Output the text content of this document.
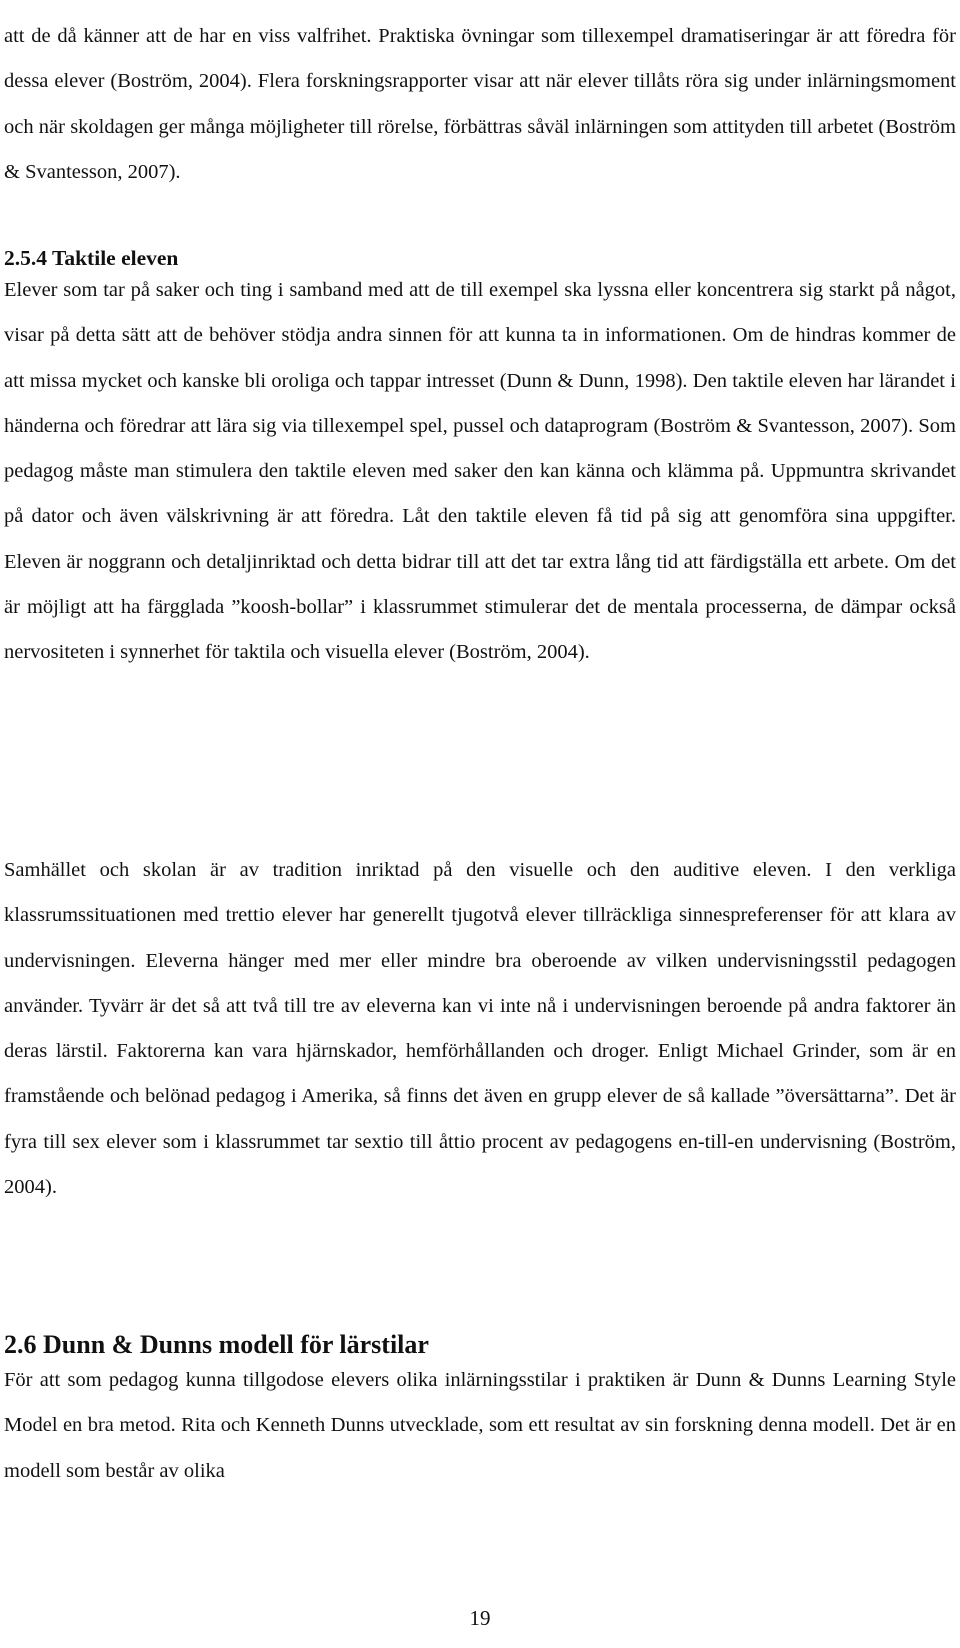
att de då känner att de har en viss valfrihet. Praktiska övningar som tillexempel dramatiseringar är att föredra för dessa elever (Boström, 2004). Flera forskningsrapporter visar att när elever tillåts röra sig under inlärningsmoment och när skoldagen ger många möjligheter till rörelse, förbättras såväl inlärningen som attityden till arbetet (Boström & Svantesson, 2007).

2.5.4 Taktile eleven

Elever som tar på saker och ting i samband med att de till exempel ska lyssna eller koncentrera sig starkt på något, visar på detta sätt att de behöver stödja andra sinnen för att kunna ta in informationen. Om de hindras kommer de att missa mycket och kanske bli oroliga och tappar intresset (Dunn & Dunn, 1998). Den taktile eleven har lärandet i händerna och föredrar att lära sig via tillexempel spel, pussel och dataprogram (Boström & Svantesson, 2007). Som pedagog måste man stimulera den taktile eleven med saker den kan känna och klämma på. Uppmuntra skrivandet på dator och även välskrivning är att föredra. Låt den taktile eleven få tid på sig att genomföra sina uppgifter. Eleven är noggrann och detaljinriktad och detta bidrar till att det tar extra lång tid att färdigställa ett arbete. Om det är möjligt att ha färgglada ”koosh-bollar” i klassrummet stimulerar det de mentala processerna, de dämpar också nervositeten i synnerhet för taktila och visuella elever (Boström, 2004).

Samhället och skolan är av tradition inriktad på den visuelle och den auditive eleven. I den verkliga klassrumssituationen med trettio elever har generellt tjugotvå elever tillräckliga sinnespreferenser för att klara av undervisningen. Eleverna hänger med mer eller mindre bra oberoende av vilken undervisningsstil pedagogen använder. Tyvärr är det så att två till tre av eleverna kan vi inte nå i undervisningen beroende på andra faktorer än deras lärstil. Faktorerna kan vara hjärnskador, hemförhållanden och droger. Enligt Michael Grinder, som är en framstående och belönad pedagog i Amerika, så finns det även en grupp elever de så kallade ”översättarna”. Det är fyra till sex elever som i klassrummet tar sextio till åttio procent av pedagogens en-till-en undervisning (Boström, 2004).

2.6 Dunn & Dunns modell för lärstilar

För att som pedagog kunna tillgodose elevers olika inlärningsstilar i praktiken är Dunn & Dunns Learning Style Model en bra metod. Rita och Kenneth Dunns utvecklade, som ett resultat av sin forskning denna modell. Det är en modell som består av olika

19
